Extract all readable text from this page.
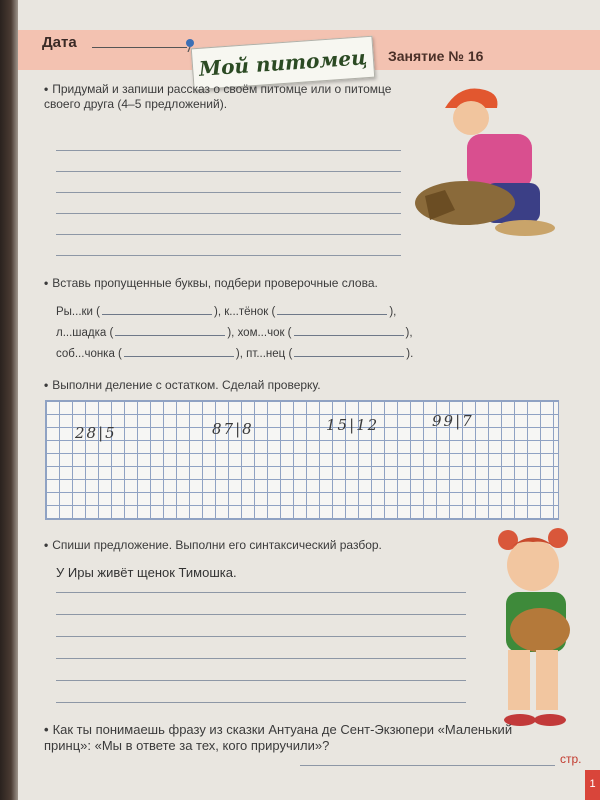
Дата
Мой питомец Занятие № 16
• Придумай и запиши рассказ о своём питомце или о питомце своего друга (4–5 предложений).
• Вставь пропущенные буквы, подбери проверочные слова.
Ры...ки (	), к...тёнок (	),
л...шадка (	), хом...чок (	),
соб...чонка (	), пт...нец (	).
• Выполни деление с остатком. Сделай проверку.
28|5	87|8	15|12	99|7
• Спиши предложение. Выполни его синтаксический разбор.
У Иры живёт щенок Тимошка.
• Как ты понимаешь фразу из сказки Антуана де Сент-Экзюпери «Маленький принц»: «Мы в ответе за тех, кого приручили»?
стр.
1
